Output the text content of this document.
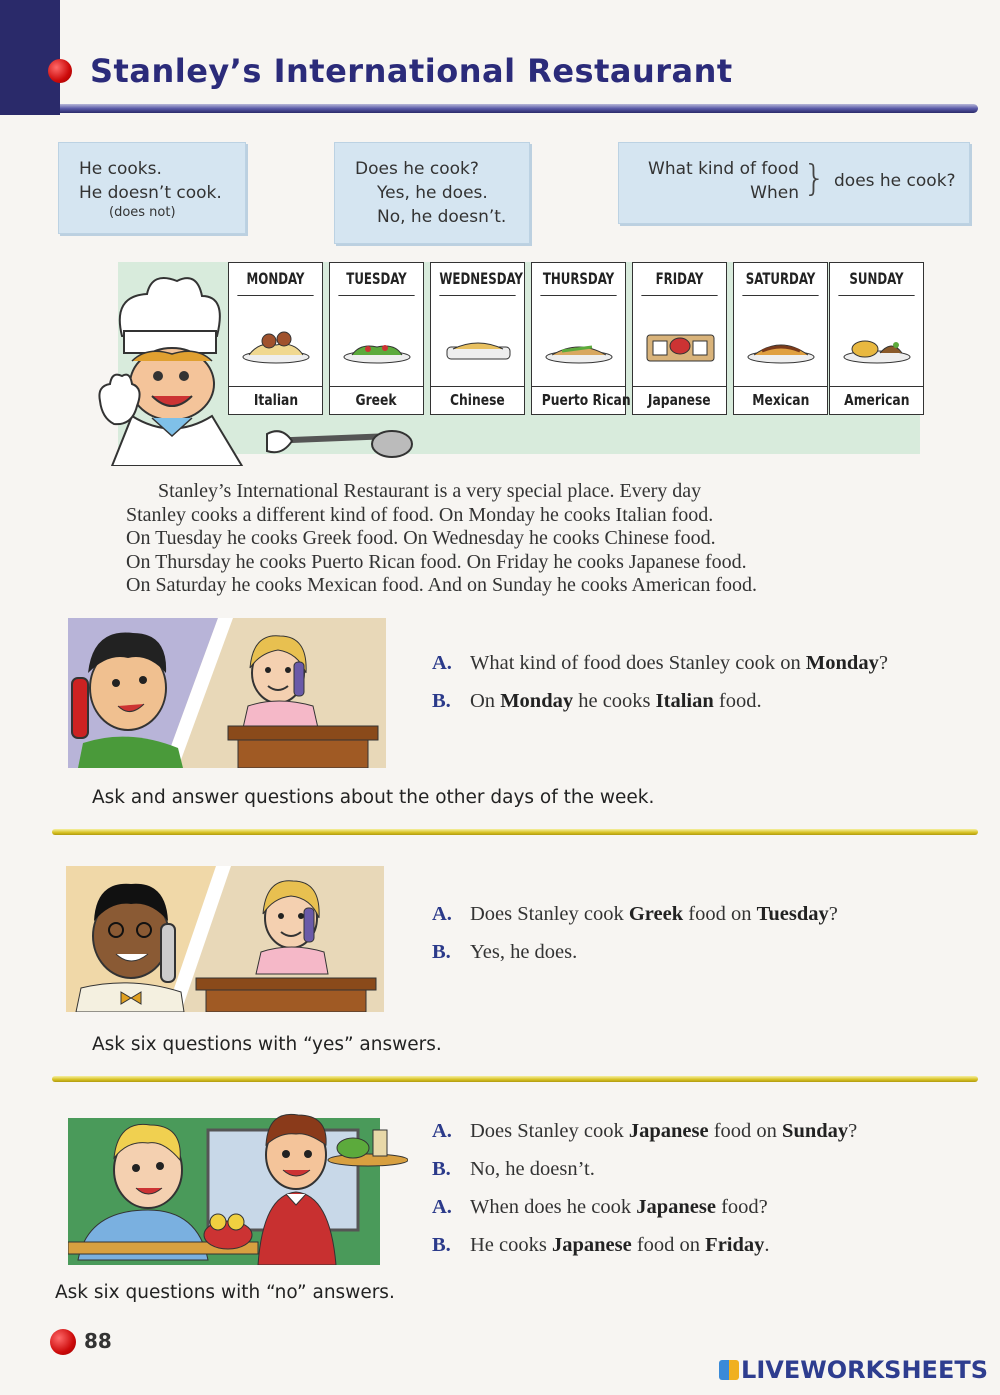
Stanley’s International Restaurant
He cooks.
He doesn’t cook.
(does not)
Does he cook?
Yes, he does.
No, he doesn’t.
What kind of food
When } does he cook?
MONDAY
Italian
TUESDAY
Greek
WEDNESDAY
Chinese
THURSDAY
Puerto Rican
FRIDAY
Japanese
SATURDAY
Mexican
SUNDAY
American

Stanley’s International Restaurant is a very special place. Every day

Stanley cooks a different kind of food. On Monday he cooks Italian food.

On Tuesday he cooks Greek food. On Wednesday he cooks Chinese food.

On Thursday he cooks Puerto Rican food. On Friday he cooks Japanese food.

On Saturday he cooks Mexican food. And on Sunday he cooks American food.

A. What kind of food does Stanley cook on Monday?
B. On Monday he cooks Italian food.
Ask and answer questions about the other days of the week.
A. Does Stanley cook Greek food on Tuesday?
B. Yes, he does.
Ask six questions with “yes” answers.
A. Does Stanley cook Japanese food on Sunday?
B. No, he doesn’t.
A. When does he cook Japanese food?
B. He cooks Japanese food on Friday.
Ask six questions with “no” answers.
88
LIVEWORKSHEETS
